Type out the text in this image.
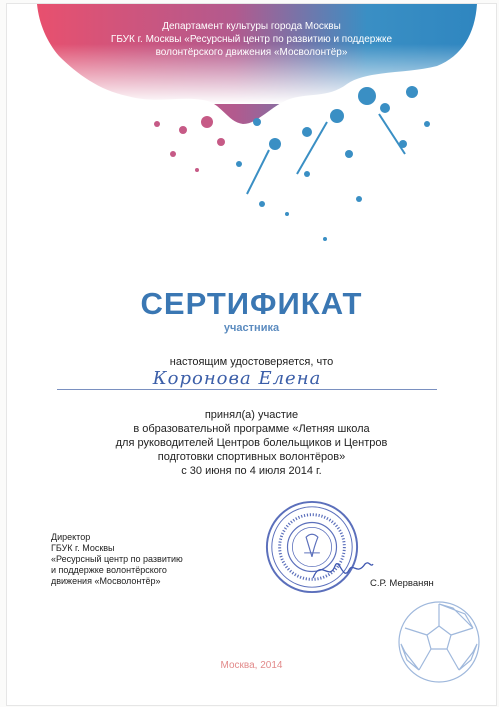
Департамент культуры города Москвы
ГБУК г. Москвы «Ресурсный центр по развитию и поддержке
волонтёрского движения «Мосволонтёр»
СЕРТИФИКАТ
участника
настоящим удостоверяется, что
Коронова Елена
принял(а) участие
в образовательной программе «Летняя школа
для руководителей Центров болельщиков и Центров
подготовки спортивных волонтёров»
с 30 июня по 4 июля 2014 г.
Директор
ГБУК г. Москвы
«Ресурсный центр по развитию
и поддержке волонтёрского
движения «Мосволонтёр»	С.Р. Мерванян
Москва, 2014
